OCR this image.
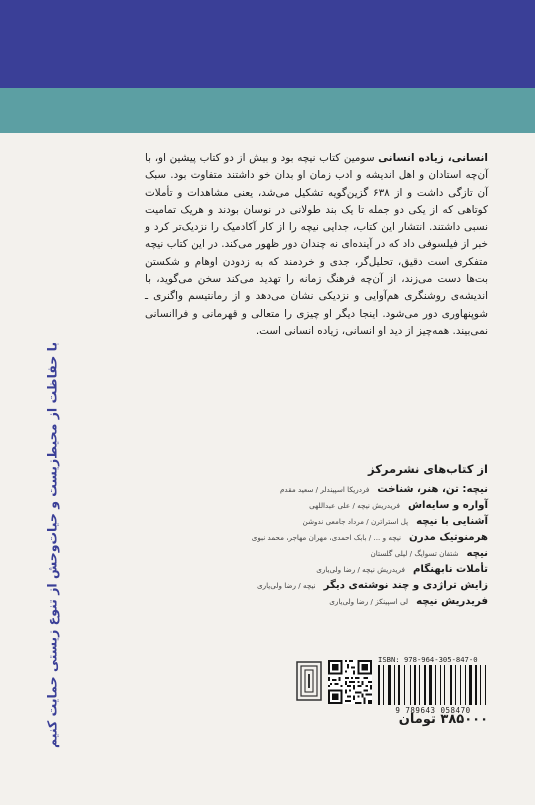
با حفاظت از محیط‌زیست و حیات‌وحش از تنوع زیستی حمایت کنیم
انسانی، زیاده انسانی سومین کتاب نیچه بود و بیش از دو کتاب پیشین او، با آن‌چه استادان و اهل اندیشه و ادب زمان او بدان خو داشتند متفاوت بود. سبک آن تازگی داشت و از ۶۳۸ گزین‌گویه تشکیل می‌شد، یعنی مشاهدات و تأملات کوتاهی که از یکی دو جمله تا یک بند طولانی در نوسان بودند و هریک تمامیت نسبی داشتند. انتشار این کتاب، جدایی نیچه را از کار آکادمیک را نزدیک‌تر کرد و خبر از فیلسوفی داد که در آینده‌ای نه چندان دور ظهور می‌کند. در این کتاب نیچه متفکری است دقیق، تحلیل‌گر، جدی و خردمند که به زدودن اوهام و شکستن بت‌ها دست می‌زند، از آن‌چه فرهنگ زمانه را تهدید می‌کند سخن می‌گوید، با اندیشه‌ی روشنگری هم‌آوایی و نزدیکی نشان می‌دهد و از رمانتیسم واگنری ـ شوپنهاوری دور می‌شود. اینجا دیگر او چیزی را متعالی و قهرمانی و فراانسانی نمی‌بیند. همه‌چیز از دید او انسانی، زیاده انسانی است.
از کتاب‌های نشرمرکز
نیچه: تن، هنر، شناخت
فردریکا اسپیندلر / سعید مقدم
آواره و سایه‌اش
فریدریش نیچه / علی عبداللهی
آشنایی با نیچه
پل استراترن / مرداد جامعی ندوشن
هرمنوتیک مدرن
نیچه و ... / بابک احمدی، مهران مهاجر، محمد نبوی
نیچه
شتفان تسوایگ / لیلی گلستان
تأملات نابهنگام
فریدریش نیچه / رضا ولی‌یاری
زایش تراژدی و چند نوشته‌ی دیگر
نیچه / رضا ولی‌یاری
فریدریش نیچه
لی اسپینکز / رضا ولی‌یاری
ISBN: 978-964-305-847-0
9 789643 058470
۳۸۵۰۰۰ تومان
